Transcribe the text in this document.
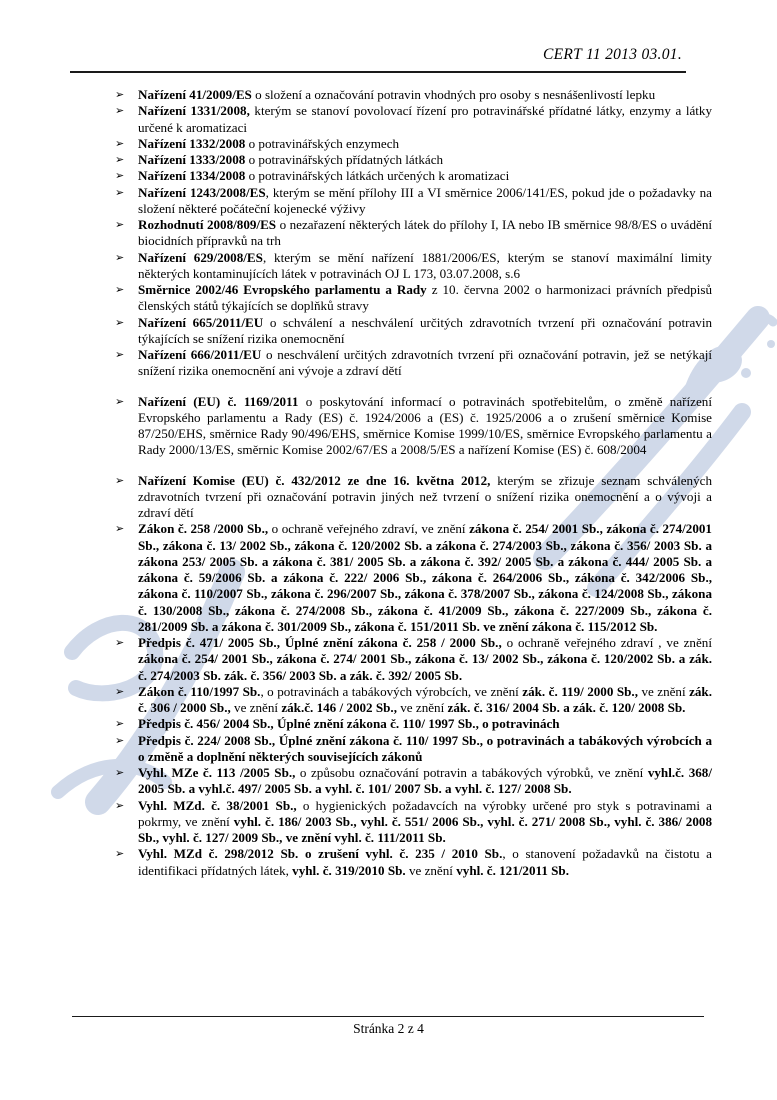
CERT 11 2013 03.01.
➢ Nařízení 41/2009/ES o složení a označování potravin vhodných pro osoby s nesnášenlivostí lepku
➢ Nařízení 1331/2008, kterým se stanoví povolovací řízení pro potravinářské přídatné látky, enzymy a látky určené k aromatizaci
➢ Nařízení 1332/2008 o potravinářských enzymech
➢ Nařízení 1333/2008 o potravinářských přídatných látkách
➢ Nařízení 1334/2008 o potravinářských látkách určených k aromatizaci
➢ Nařízení 1243/2008/ES, kterým se mění přílohy III a VI směrnice 2006/141/ES, pokud jde o požadavky na složení některé počáteční kojenecké výživy
➢ Rozhodnutí 2008/809/ES o nezařazení některých látek do přílohy I, IA nebo IB směrnice 98/8/ES o uvádění biocidních přípravků na trh
➢ Nařízení 629/2008/ES, kterým se mění nařízení 1881/2006/ES, kterým se stanoví maximální limity některých kontaminujících látek v potravinách OJ L 173, 03.07.2008, s.6
➢ Směrnice 2002/46 Evropského parlamentu a Rady z 10. června 2002 o harmonizaci právních předpisů členských států týkajících se doplňků stravy
➢ Nařízení 665/2011/EU o schválení a neschválení určitých zdravotních tvrzení při označování potravin týkajících se snížení rizika onemocnění
➢ Nařízení 666/2011/EU o neschválení určitých zdravotních tvrzení při označování potravin, jež se netýkají snížení rizika onemocnění ani vývoje a zdraví dětí
➢ Nařízení (EU) č. 1169/2011 o poskytování informací o potravinách spotřebitelům, o změně nařízení Evropského parlamentu a Rady (ES) č. 1924/2006 a (ES) č. 1925/2006 a o zrušení směrnice Komise 87/250/EHS, směrnice Rady 90/496/EHS, směrnice Komise 1999/10/ES, směrnice Evropského parlamentu a Rady 2000/13/ES, směrnic Komise 2002/67/ES a 2008/5/ES a nařízení Komise (ES) č. 608/2004
➢ Nařízení Komise (EU) č. 432/2012 ze dne 16. května 2012, kterým se zřizuje seznam schválených zdravotních tvrzení při označování potravin jiných než tvrzení o snížení rizika onemocnění a o vývoji a zdraví dětí
➢ Zákon č. 258 /2000 Sb., o ochraně veřejného zdraví, ve znění zákona č. 254/ 2001 Sb., zákona č. 274/2001 Sb., zákona č. 13/ 2002 Sb., zákona č. 120/2002 Sb. a zákona č. 274/2003 Sb., zákona č. 356/ 2003 Sb. a zákona 253/ 2005 Sb. a zákona č. 381/ 2005 Sb. a zákona č. 392/ 2005 Sb. a zákona č. 444/ 2005 Sb. a zákona č. 59/2006 Sb. a zákona č. 222/ 2006 Sb., zákona č. 264/2006 Sb., zákona č. 342/2006 Sb., zákona č. 110/2007 Sb., zákona č. 296/2007 Sb., zákona č. 378/2007 Sb., zákona č. 124/2008 Sb., zákona č. 130/2008 Sb., zákona č. 274/2008 Sb., zákona č. 41/2009 Sb., zákona č. 227/2009 Sb., zákona č. 281/2009 Sb. a zákona č. 301/2009 Sb., zákona č. 151/2011 Sb. ve znění zákona č. 115/2012 Sb.
➢ Předpis č. 471/ 2005 Sb., Úplné znění zákona č. 258 / 2000 Sb., o ochraně veřejného zdraví , ve znění zákona č. 254/ 2001 Sb., zákona č. 274/ 2001 Sb., zákona č. 13/ 2002 Sb., zákona č. 120/2002 Sb. a zák. č. 274/2003 Sb. zák. č. 356/ 2003 Sb. a zák. č. 392/ 2005 Sb.
➢ Zákon č. 110/1997 Sb., o potravinách a tabákových výrobcích, ve znění zák. č. 119/ 2000 Sb., ve znění zák. č. 306 / 2000 Sb., ve znění zák.č. 146 / 2002 Sb., ve znění zák. č. 316/ 2004 Sb. a zák. č. 120/ 2008 Sb.
➢ Předpis č. 456/ 2004 Sb., Úplné znění zákona č. 110/ 1997 Sb., o potravinách
➢ Předpis č. 224/ 2008 Sb., Úplné znění zákona č. 110/ 1997 Sb., o potravinách a tabákových výrobcích a o změně a doplnění některých souvisejících zákonů
➢ Vyhl. MZe č. 113 /2005 Sb., o způsobu označování potravin a tabákových výrobků, ve znění vyhl.č. 368/ 2005 Sb. a vyhl.č. 497/ 2005 Sb. a vyhl. č. 101/ 2007 Sb. a vyhl. č. 127/ 2008 Sb.
➢ Vyhl. MZd. č. 38/2001 Sb., o hygienických požadavcích na výrobky určené pro styk s potravinami a pokrmy, ve znění vyhl. č. 186/ 2003 Sb., vyhl. č. 551/ 2006 Sb., vyhl. č. 271/ 2008 Sb., vyhl. č. 386/ 2008 Sb., vyhl. č. 127/ 2009 Sb., ve znění vyhl. č. 111/2011 Sb.
➢ Vyhl. MZd č. 298/2012 Sb. o zrušení vyhl. č. 235 / 2010 Sb., o stanovení požadavků na čistotu a identifikaci přídatných látek, vyhl. č. 319/2010 Sb. ve znění vyhl. č. 121/2011 Sb.
Stránka 2 z 4
